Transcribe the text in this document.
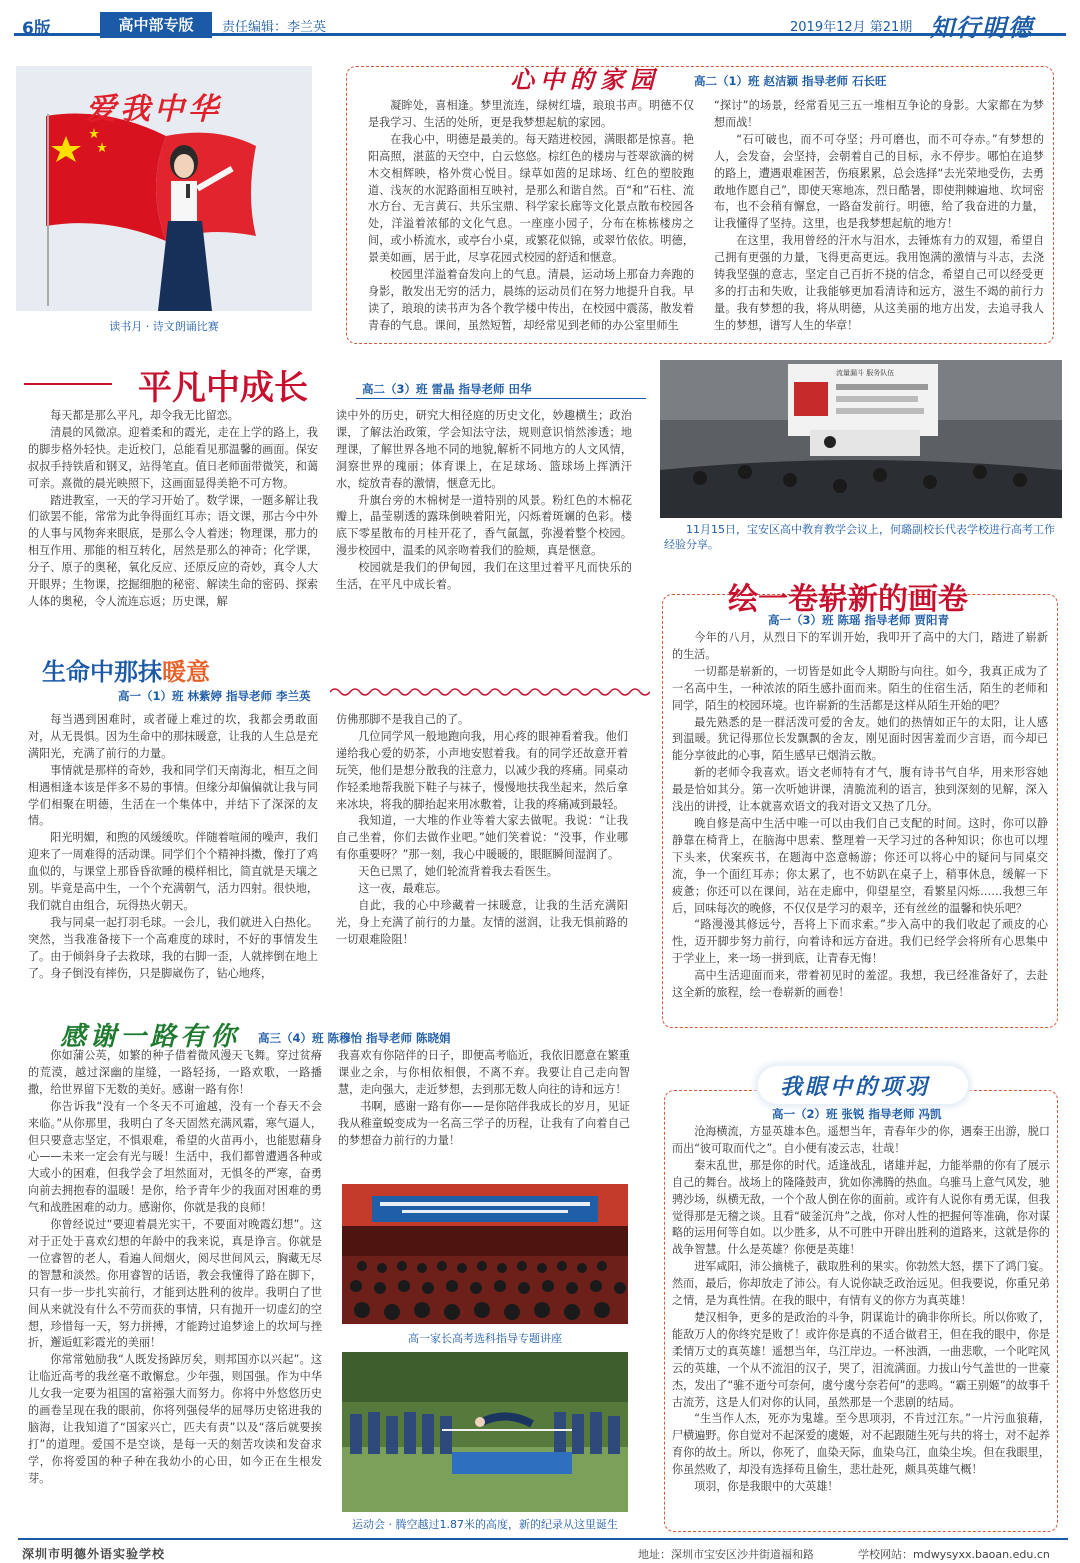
6版	高中部专版	责任编辑：李兰英	2019年12月 第21期 知行明德
爱我中华
读书月 · 诗文朗诵比赛
心中的家园	高二（1）班 赵洁颖 指导老师 石长旺

凝眸处，喜相逢。梦里流连，绿树红墙，琅琅书声。明德不仅是我学习、生活的处所，更是我梦想起航的家园。

在我心中，明德是最美的。每天踏进校园，满眼都是惊喜。艳阳高照，湛蓝的天空中，白云悠悠。棕红色的楼房与苍翠欲滴的树木交相辉映，格外赏心悦目。绿草如茵的足球场、红色的塑胶跑道、浅灰的水泥路面相互映衬，是那么和谐自然。百“和”石柱、流水方台、无言黄石、共乐宝鼎、科学家长廊等文化景点散布校园各处，洋溢着浓郁的文化气息。一座座小园子，分布在栋栋楼房之间，或小桥流水，或亭台小桌，或繁花似锦，或翠竹依依。明德，景美如画，居于此，尽享花园式校园的舒适和惬意。

校园里洋溢着奋发向上的气息。清晨，运动场上那奋力奔跑的身影，散发出无穷的活力，晨练的运动员们在努力地提升自我。早读了，琅琅的读书声为各个教学楼中传出，在校园中震荡，散发着青春的气息。课间，虽然短暂，却经常见到老师的办公室里师生

“探讨”的场景，经常看见三五一堆相互争论的身影。大家都在为梦想而战！

“石可破也，而不可夺坚；丹可磨也，而不可夺赤。”有梦想的人，会发奋，会坚持，会朝着自己的目标，永不停步。哪怕在追梦的路上，遭遇艰难困苦，伤痕累累，总会选择“去光荣地受伤，去勇敢地作愿自己”，即使天寒地冻，烈日酷暑，即使荆棘遍地、坎坷密布，也不会稍有懈怠，一路奋发前行。明德，给了我奋进的力量，让我懂得了坚持。这里，也是我梦想起航的地方！

在这里，我用曾经的汗水与泪水，去锤炼有力的双翅，希望自己拥有更强的力量，飞得更高更远。我用饱满的激情与斗志，去浇铸我坚强的意志，坚定自己百折不挠的信念，希望自己可以经受更多的打击和失败，让我能够更加看清诗和远方，滋生不竭的前行力量。我有梦想的我，将从明德，从这美丽的地方出发，去追寻我人生的梦想，谱写人生的华章！

平凡中成长	高二（3）班 雷晶 指导老师 田华

每天都是那么平凡，却令我无比留恋。

清晨的风微凉。迎着柔和的霞光，走在上学的路上，我的脚步格外轻快。走近校门，总能看见那温馨的画面。保安叔叔手持铁盾和钢叉，站得笔直。值日老师面带微笑，和蔼可亲。熹微的晨光映照下，这画面显得美艳不可方物。

踏进教室，一天的学习开始了。数学课，一题多解让我们欲罢不能，常常为此争得面红耳赤；语文课，那古今中外的人事与风物奔来眼底，是那么令人着迷；物理课，那力的相互作用、那能的相互转化，居然是那么的神奇；化学课，分子、原子的奥秘，氧化反应、还原反应的奇妙，真令人大开眼界；生物课，挖掘细胞的秘密、解读生命的密码、探索人体的奥秘，令人流连忘返；历史课，解

读中外的历史，研究大相径庭的历史文化，妙趣横生；政治课，了解法治政策，学会知法守法，规则意识悄然渗透；地理课，了解世界各地不同的地貌,解析不同地方的人文风情，洞察世界的瑰丽；体育课上，在足球场、篮球场上挥洒汗水，绽放青春的激情，惬意无比。

升旗台旁的木棉树是一道特别的风景。粉红色的木棉花瓣上，晶莹剔透的露珠倒映着阳光，闪烁着斑斓的色彩。楼底下零星散布的月桂开花了，香气氤氲，弥漫着整个校园。漫步校园中，温柔的风亲吻着我们的脸颊，真是惬意。

校园就是我们的伊甸园，我们在这里过着平凡而快乐的生活，在平凡中成长着。

流量漏斗 服务队伍
11月15日，宝安区高中教育教学会议上，何璐副校长代表学校进行高考工作经验分享。
绘一卷崭新的画卷
高一（3）班 陈瑶 指导老师 贾阳青

今年的八月，从烈日下的军训开始，我叩开了高中的大门，踏进了崭新的生活。

一切都是崭新的，一切皆是如此令人期盼与向往。如今，我真正成为了一名高中生，一种浓浓的陌生感扑面而来。陌生的住宿生活，陌生的老师和同学，陌生的校园环境。也许崭新的生活都是这样从陌生开始的吧？

最先熟悉的是一群活泼可爱的舍友。她们的热情如正午的太阳，让人感到温暖。犹记得那位长发飘飘的舍友，刚见面时因害羞而少言语，而今却已能分享彼此的心事，陌生感早已烟消云散。

新的老师令我喜欢。语文老师特有才气，腹有诗书气自华，用来形容她最是恰如其分。第一次听她讲课，清脆流利的语言，独到深刻的见解，深入浅出的讲授，让本就喜欢语文的我对语文又热了几分。

晚自修是高中生活中唯一可以由我们自己支配的时间。这时，你可以静静靠在椅背上，在脑海中思索、整理着一天学习过的各种知识；你也可以埋下头来，伏案疾书，在题海中恣意畅游；你还可以将心中的疑问与同桌交流，争一个面红耳赤；你太累了，也不妨趴在桌子上，稍事休息，缓解一下疲惫；你还可以在课间，站在走廊中，仰望星空，看繁星闪烁……我想三年后，回味每次的晚修，不仅仅是学习的艰辛，还有丝丝的温馨和快乐吧？

“路漫漫其修远兮，吾将上下而求索。”步入高中的我们收起了顽皮的心性，迈开脚步努力前行，向着诗和远方奋进。我们已经学会将所有心思集中于学业上，来一场一拼到底，让青春无悔！

高中生活迎面而来，带着初见时的羞涩。我想，我已经准备好了，去赴这全新的旅程，绘一卷崭新的画卷！

生命中那抹暖意
高一（1）班 林紫婷 指导老师 李兰英

每当遇到困难时，或者碰上难过的坎，我都会勇敢面对，从无畏惧。因为生命中的那抹暖意，让我的人生总是充满阳光，充满了前行的力量。

事情就是那样的奇妙，我和同学们天南海北，相互之间相遇相逢本该是伴多不易的事情。但缘分却偏偏就让我与同学们相聚在明德，生活在一个集体中，并结下了深深的友情。

阳光明媚，和煦的风缓缓吹。伴随着喧闹的噪声，我们迎来了一周难得的活动课。同学们个个精神抖擞，像打了鸡血似的，与课堂上那昏昏欲睡的模样相比，简直就是天壤之别。毕竟是高中生，一个个充满朝气，活力四射。很快地，我们就自由组合，玩得热火朝天。

我与同桌一起打羽毛球。一会儿，我们就进入白热化。突然，当我准备接下一个高难度的球时，不好的事情发生了。由于倾斜身子去救球，我的右脚一歪，人就摔倒在地上了。身子倒没有摔伤，只是脚崴伤了，钻心地疼，

仿佛那脚不是我自己的了。

几位同学风一般地跑向我，用心疼的眼神看着我。他们递给我心爱的奶茶，小声地安慰着我。有的同学还故意开着玩笑，他们是想分散我的注意力，以减少我的疼痛。同桌动作轻柔地帮我脱下鞋子与袜子，慢慢地扶我坐起来，然后拿来冰块，将我的脚抬起来用冰敷着，让我的疼痛减到最轻。

我知道，一大堆的作业等着大家去做呢。我说：“让我自己坐着，你们去做作业吧。”她们笑着说：“没事，作业哪有你重要呀？”那一刻，我心中暖暖的，眼眶瞬间湿润了。

天色已黑了，她们轮流背着我去看医生。

这一夜，最难忘。

自此，我的心中珍藏着一抹暖意，让我的生活充满阳光，身上充满了前行的力量。友情的滋润，让我无惧前路的一切艰难险阻！

感谢一路有你 高三（4）班 陈穆怡 指导老师 陈晓娟

你如蒲公英，如繁的种子借着微风漫天飞舞。穿过贫瘠的荒漠，越过深幽的崖缝，一路轻扬，一路欢歌，一路播撒，给世界留下无数的美好。感谢一路有你！

你告诉我“没有一个冬天不可逾越，没有一个春天不会来临。”从你那里，我明白了冬天固然充满风霜，寒气逼人，但只要意志坚定，不惧艰难，希望的火苗再小，也能慰藉身心——未来一定会有光与暖！生活中，我们都曾遭遇各种或大或小的困难，但我学会了坦然面对，无惧冬的严寒，奋勇向前去拥抱春的温暖！是你，给予青年少的我面对困难的勇气和战胜困难的动力。感谢你，你就是我的良师！

你曾经说过“要迎着晨光实干，不要面对晚霞幻想”。这对于正处于喜欢幻想的年龄中的我来说，真是诤言。你就是一位睿智的老人，看遍人间烟火，阅尽世间风云，胸藏无尽的智慧和淡然。你用睿智的话语，教会我懂得了路在脚下，只有一步一步扎实前行，才能到达胜利的彼岸。我明白了世间从来就没有什么不劳而获的事情，只有抛开一切虚幻的空想，珍惜每一天，努力拼搏，才能跨过追梦途上的坎坷与挫折，邂逅虹彩霞光的美丽！

你常常勉励我“人既发扬踔厉矣，则邦国亦以兴起”。这让临近高考的我丝毫不敢懈怠。少年强，则国强。作为中华儿女我一定要为祖国的富裕强大而努力。你将中外悠悠历史的画卷呈现在我的眼前，你将列强侵华的屈辱历史铭进我的脑海，让我知道了“国家兴亡，匹夫有责”以及“落后就要挨打”的道理。爱国不是空谈，是每一天的刻苦攻读和发奋求学，你将爱国的种子种在我幼小的心田，如今正在生根发芽。

我喜欢有你陪伴的日子，即便高考临近，我依旧愿意在繁重课业之余，与你相依相偎，不离不弃。我要让自己走向智慧，走向强大，走近梦想，去到那无数人向往的诗和远方！

书啊，感谢一路有你——是你陪伴我成长的岁月，见证我从稚童蜕变成为一名高三学子的历程，让我有了向着自己的梦想奋力前行的力量！

高一家长高考选科指导专题讲座
运动会 · 腾空越过1.87米的高度，新的纪录从这里诞生
我眼中的项羽
高一（2）班 张锐 指导老师 冯凯

沧海横流，方显英雄本色。遥想当年，青春年少的你，遇秦王出游，脱口而出“彼可取而代之”。自小便有凌云志，壮哉！

秦末乱世，那是你的时代。适逢战乱，诸雄并起，力能举鼎的你有了展示自己的舞台。战场上的隆隆鼓声，犹如你沸腾的热血。乌骓马上意气风发，驰骋沙场，纵横无敌，一个个敌人倒在你的面前。或许有人说你有勇无谋，但我觉得那是无稽之谈。且看“破釜沉舟”之战，你对人性的把握何等准确，你对谋略的运用何等自如。以少胜多，从不可胜中开辟出胜利的道路来，这就是你的战争智慧。什么是英雄？你便是英雄！

进军咸阳，沛公摘桃子，截取胜利的果实。你勃然大怒，摆下了鸿门宴。然而，最后，你却放走了沛公。有人说你缺乏政治远见。但我要说，你重兄弟之情，是为真性情。在我的眼中，有情有义的你方为真英雄！

楚汉相争，更多的是政治的斗争，阴谋诡计的确非你所长。所以你败了，能敌万人的你终究是败了！或许你是真的不适合做君王，但在我的眼中，你是柔情万丈的真英雄！遥想当年，乌江岸边。一杯浊酒，一曲悲歌，一个叱咤风云的英雄，一个从不流泪的汉子，哭了，泪流满面。力拔山兮气盖世的一世豪杰，发出了“骓不逝兮可奈何，虞兮虞兮奈若何”的悲鸣。“霸王别姬”的故事千古流芳，这是人们对你的认同，虽然那是一个悲剧的结局。

“生当作人杰，死亦为鬼雄。至今思项羽，不肯过江东。”一片污血狼藉，尸横遍野。你自觉对不起深爱的虞姬，对不起跟随生死与共的将士，对不起养育你的故土。所以，你死了，血染天际，血染乌江，血染尘埃。但在我眼里，你虽然败了，却没有选择苟且偷生，悲壮赴死，颇具英雄气概！

项羽，你是我眼中的大英雄！

深圳市明德外语实验学校	地址：深圳市宝安区沙井街道福和路	学校网站：mdwysyxx.baoan.edu.cn
